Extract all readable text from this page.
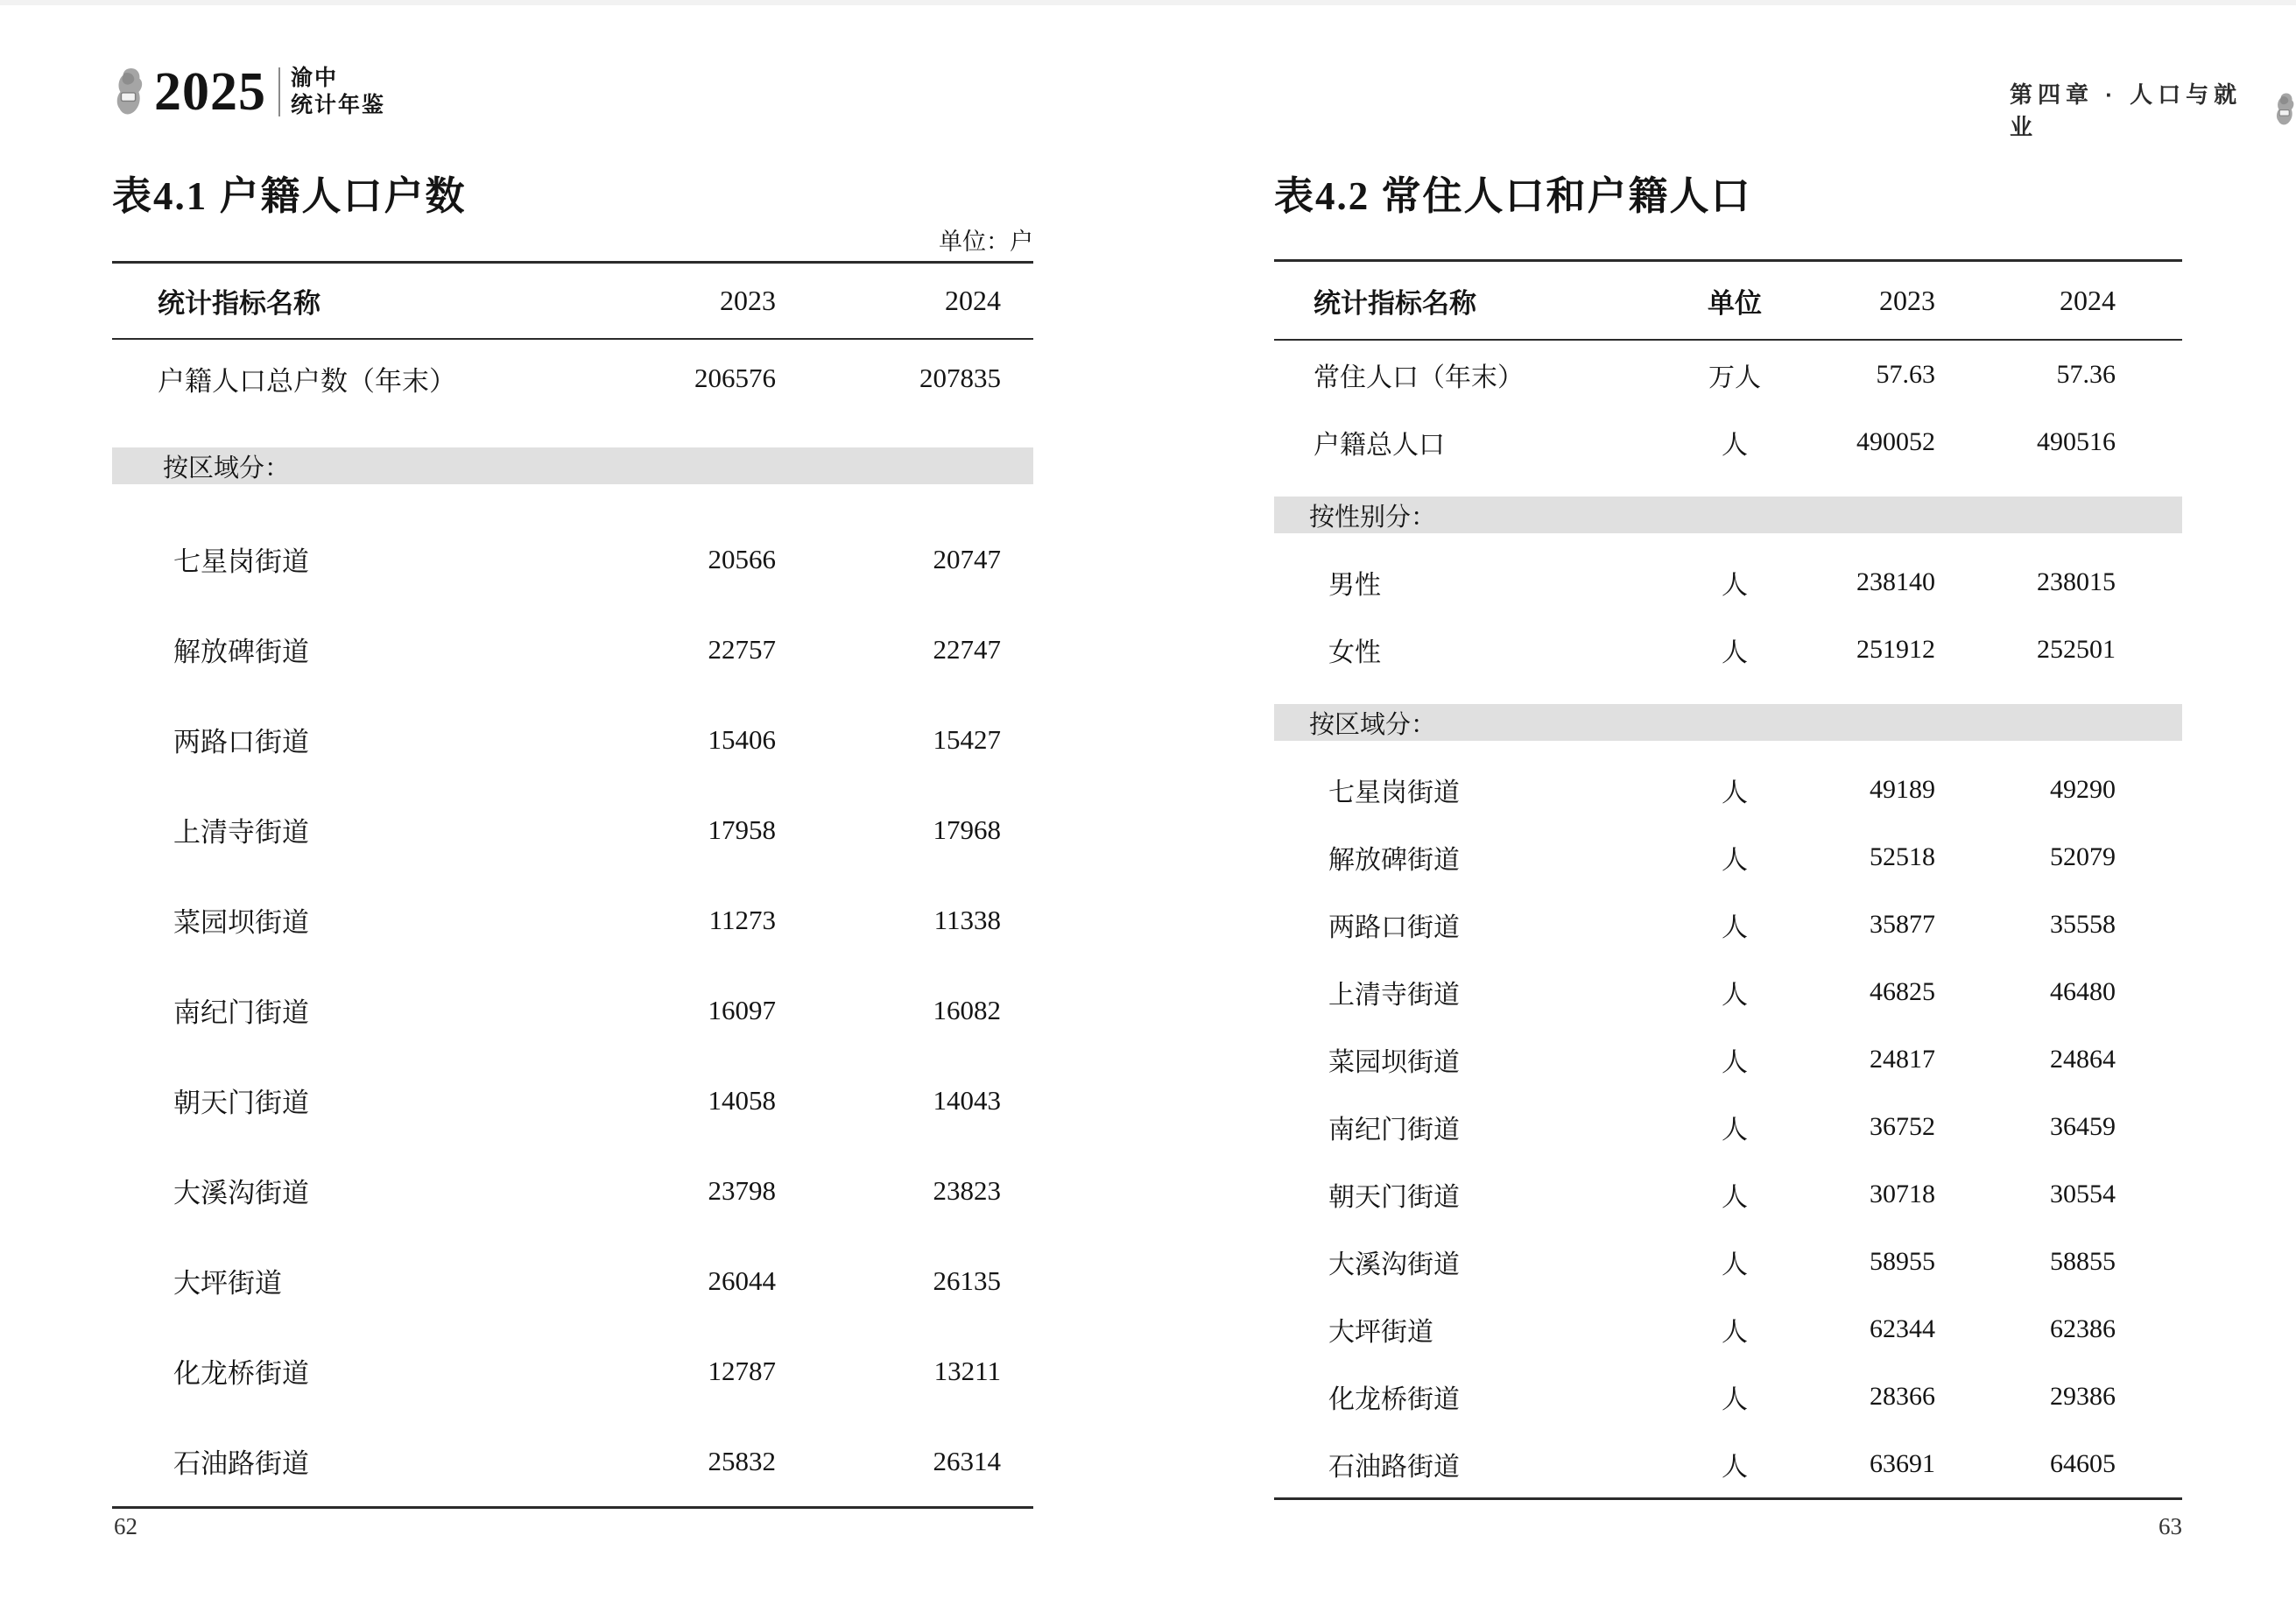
2025 渝中
统计年鉴	第四章 · 人口与就业
表4.1 户籍人口户数
单位：户
统计指标名称	2023	2024
户籍人口总户数（年末）	206576	207835
按区域分：
七星岗街道	20566	20747
解放碑街道	22757	22747
两路口街道	15406	15427
上清寺街道	17958	17968
菜园坝街道	11273	11338
南纪门街道	16097	16082
朝天门街道	14058	14043
大溪沟街道	23798	23823
大坪街道	26044	26135
化龙桥街道	12787	13211
石油路街道	25832	26314
表4.2 常住人口和户籍人口
统计指标名称	单位	2023	2024
常住人口（年末）	万人	57.63	57.36
户籍总人口	人	490052	490516
按性别分：
男性	人	238140	238015
女性	人	251912	252501
按区域分：
七星岗街道	人	49189	49290
解放碑街道	人	52518	52079
两路口街道	人	35877	35558
上清寺街道	人	46825	46480
菜园坝街道	人	24817	24864
南纪门街道	人	36752	36459
朝天门街道	人	30718	30554
大溪沟街道	人	58955	58855
大坪街道	人	62344	62386
化龙桥街道	人	28366	29386
石油路街道	人	63691	64605
62	63
